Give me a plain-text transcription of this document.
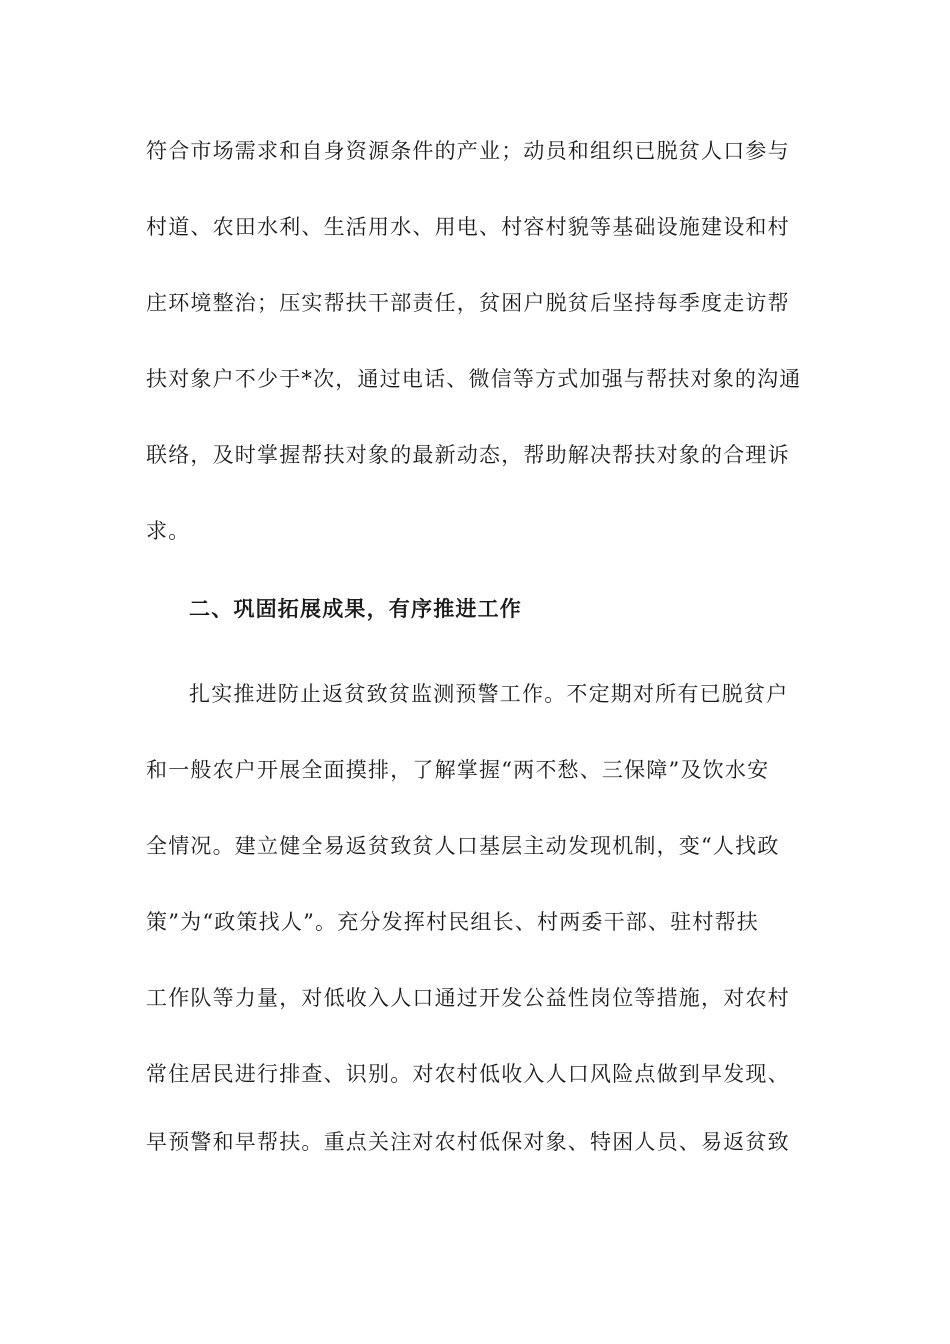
符合市场需求和自身资源条件的产业；动员和组织已脱贫人口参与
村道、农田水利、生活用水、用电、村容村貌等基础设施建设和村
庄环境整治；压实帮扶干部责任，贫困户脱贫后坚持每季度走访帮
扶对象户不少于*次，通过电话、微信等方式加强与帮扶对象的沟通
联络，及时掌握帮扶对象的最新动态，帮助解决帮扶对象的合理诉
求。
二、巩固拓展成果，有序推进工作
扎实推进防止返贫致贫监测预警工作。不定期对所有已脱贫户
和一般农户开展全面摸排，了解掌握“两不愁、三保障”及饮水安
全情况。建立健全易返贫致贫人口基层主动发现机制，变“人找政
策”为“政策找人”。充分发挥村民组长、村两委干部、驻村帮扶
工作队等力量，对低收入人口通过开发公益性岗位等措施，对农村
常住居民进行排查、识别。对农村低收入人口风险点做到早发现、
早预警和早帮扶。重点关注对农村低保对象、特困人员、易返贫致
